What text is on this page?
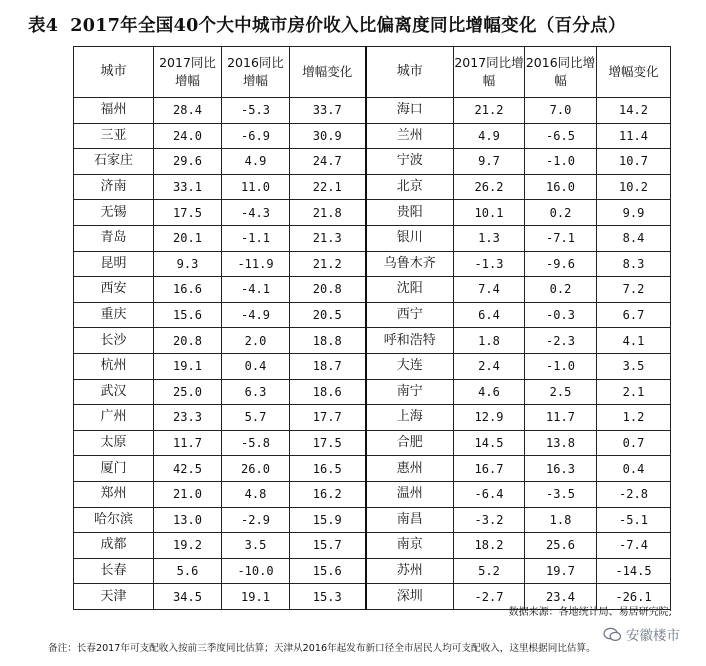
表4 2017年全国40个大中城市房价收入比偏离度同比增幅变化（百分点）
城市	2017同比增幅	2016同比增幅	增幅变化	城市	2017同比增幅	2016同比增幅	增幅变化
福州	28.4	-5.3	33.7	海口	21.2	7.0	14.2
三亚	24.0	-6.9	30.9	兰州	4.9	-6.5	11.4
石家庄	29.6	4.9	24.7	宁波	9.7	-1.0	10.7
济南	33.1	11.0	22.1	北京	26.2	16.0	10.2
无锡	17.5	-4.3	21.8	贵阳	10.1	0.2	9.9
青岛	20.1	-1.1	21.3	银川	1.3	-7.1	8.4
昆明	9.3	-11.9	21.2	乌鲁木齐	-1.3	-9.6	8.3
西安	16.6	-4.1	20.8	沈阳	7.4	0.2	7.2
重庆	15.6	-4.9	20.5	西宁	6.4	-0.3	6.7
长沙	20.8	2.0	18.8	呼和浩特	1.8	-2.3	4.1
杭州	19.1	0.4	18.7	大连	2.4	-1.0	3.5
武汉	25.0	6.3	18.6	南宁	4.6	2.5	2.1
广州	23.3	5.7	17.7	上海	12.9	11.7	1.2
太原	11.7	-5.8	17.5	合肥	14.5	13.8	0.7
厦门	42.5	26.0	16.5	惠州	16.7	16.3	0.4
郑州	21.0	4.8	16.2	温州	-6.4	-3.5	-2.8
哈尔滨	13.0	-2.9	15.9	南昌	-3.2	1.8	-5.1
成都	19.2	3.5	15.7	南京	18.2	25.6	-7.4
长春	5.6	-10.0	15.6	苏州	5.2	19.7	-14.5
天津	34.5	19.1	15.3	深圳	-2.7	23.4	-26.1
安徽楼市
数据来源：各地统计局、易居研究院;
备注：长春2017年可支配收入按前三季度同比估算；天津从2016年起发布新口径全市居民人均可支配收入，这里根据同比估算。
